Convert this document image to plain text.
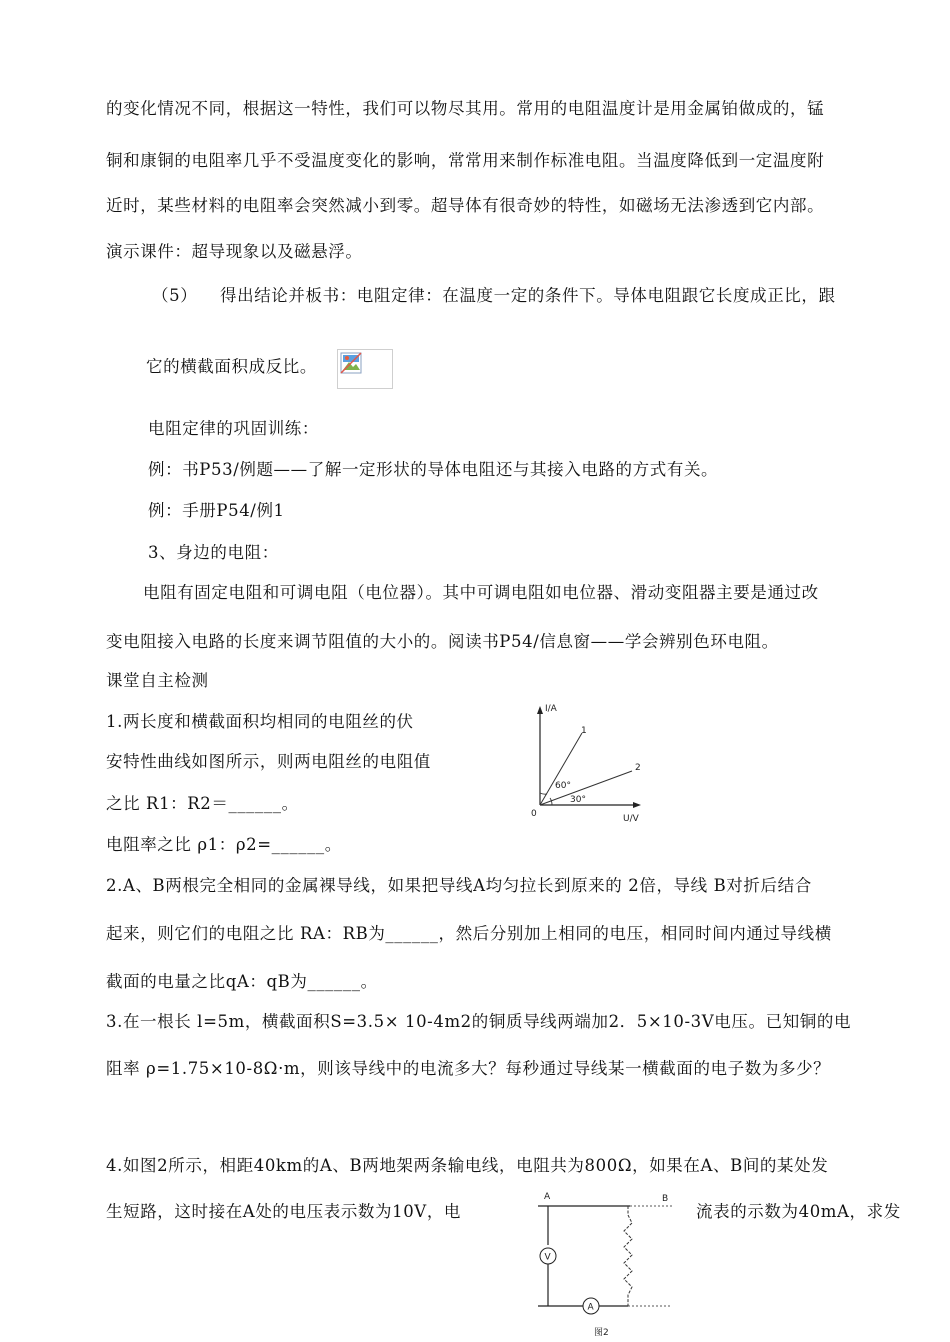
的变化情况不同，根据这一特性，我们可以物尽其用。常用的电阻温度计是用金属铂做成的，锰
铜和康铜的电阻率几乎不受温度变化的影响，常常用来制作标准电阻。当温度降低到一定温度附
近时，某些材料的电阻率会突然减小到零。超导体有很奇妙的特性，如磁场无法渗透到它内部。
演示课件：超导现象以及磁悬浮。
（5） 得出结论并板书：电阻定律：在温度一定的条件下。导体电阻跟它长度成正比，跟
它的横截面积成反比。
电阻定律的巩固训练：
例：书P53/例题——了解一定形状的导体电阻还与其接入电路的方式有关。
例：手册P54/例1
3、身边的电阻：
电阻有固定电阻和可调电阻（电位器）。其中可调电阻如电位器、滑动变阻器主要是通过改
变电阻接入电路的长度来调节阻值的大小的。阅读书P54/信息窗——学会辨别色环电阻。
课堂自主检测
1.两长度和横截面积均相同的电阻丝的伏
安特性曲线如图所示，则两电阻丝的电阻值
之比 R1：R2＝______。
电阻率之比 ρ1：ρ2=______。
I/A
U/V
0
1
2
60°
30°
2.A、B两根完全相同的金属裸导线，如果把导线A均匀拉长到原来的 2倍，导线 B对折后结合
起来，则它们的电阻之比 RA：RB为______，然后分别加上相同的电压，相同时间内通过导线横
截面的电量之比qA：qB为______。
3.在一根长 l=5m，横截面积S=3.5× 10-4m2的铜质导线两端加2．5×10-3V电压。已知铜的电
阻率 ρ=1.75×10-8Ω·m，则该导线中的电流多大？每秒通过导线某一横截面的电子数为多少？
4.如图2所示，相距40km的A、B两地架两条输电线，电阻共为800Ω，如果在A、B间的某处发
生短路，这时接在A处的电压表示数为10V，电	流表的示数为40mA，求发
A	B
V
A
图2
